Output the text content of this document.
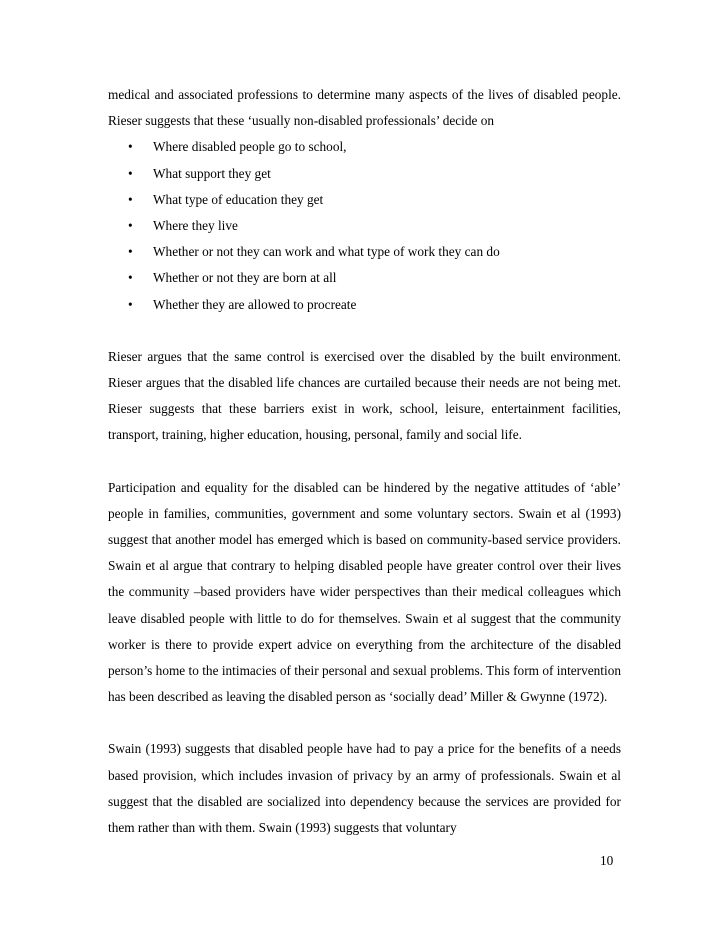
medical and associated professions to determine many aspects of the lives of disabled people. Rieser suggests that these ‘usually non-disabled professionals’ decide on

• Where disabled people go to school,
• What support they get
• What type of education they get
• Where they live
• Whether or not they can work and what type of work they can do
• Whether or not they are born at all
• Whether they are allowed to procreate

Rieser argues that the same control is exercised over the disabled by the built environment. Rieser argues that the disabled life chances are curtailed because their needs are not being met. Rieser suggests that these barriers exist in work, school, leisure, entertainment facilities, transport, training, higher education, housing, personal, family and social life.

Participation and equality for the disabled can be hindered by the negative attitudes of ‘able’ people in families, communities, government and some voluntary sectors. Swain et al (1993) suggest that another model has emerged which is based on community-based service providers. Swain et al argue that contrary to helping disabled people have greater control over their lives the community –based providers have wider perspectives than their medical colleagues which leave disabled people with little to do for themselves. Swain et al suggest that the community worker is there to provide expert advice on everything from the architecture of the disabled person’s home to the intimacies of their personal and sexual problems. This form of intervention has been described as leaving the disabled person as ‘socially dead’ Miller & Gwynne (1972).

Swain (1993) suggests that disabled people have had to pay a price for the benefits of a needs based provision, which includes invasion of privacy by an army of professionals. Swain et al suggest that the disabled are socialized into dependency because the services are provided for them rather than with them. Swain (1993) suggests that voluntary

10
